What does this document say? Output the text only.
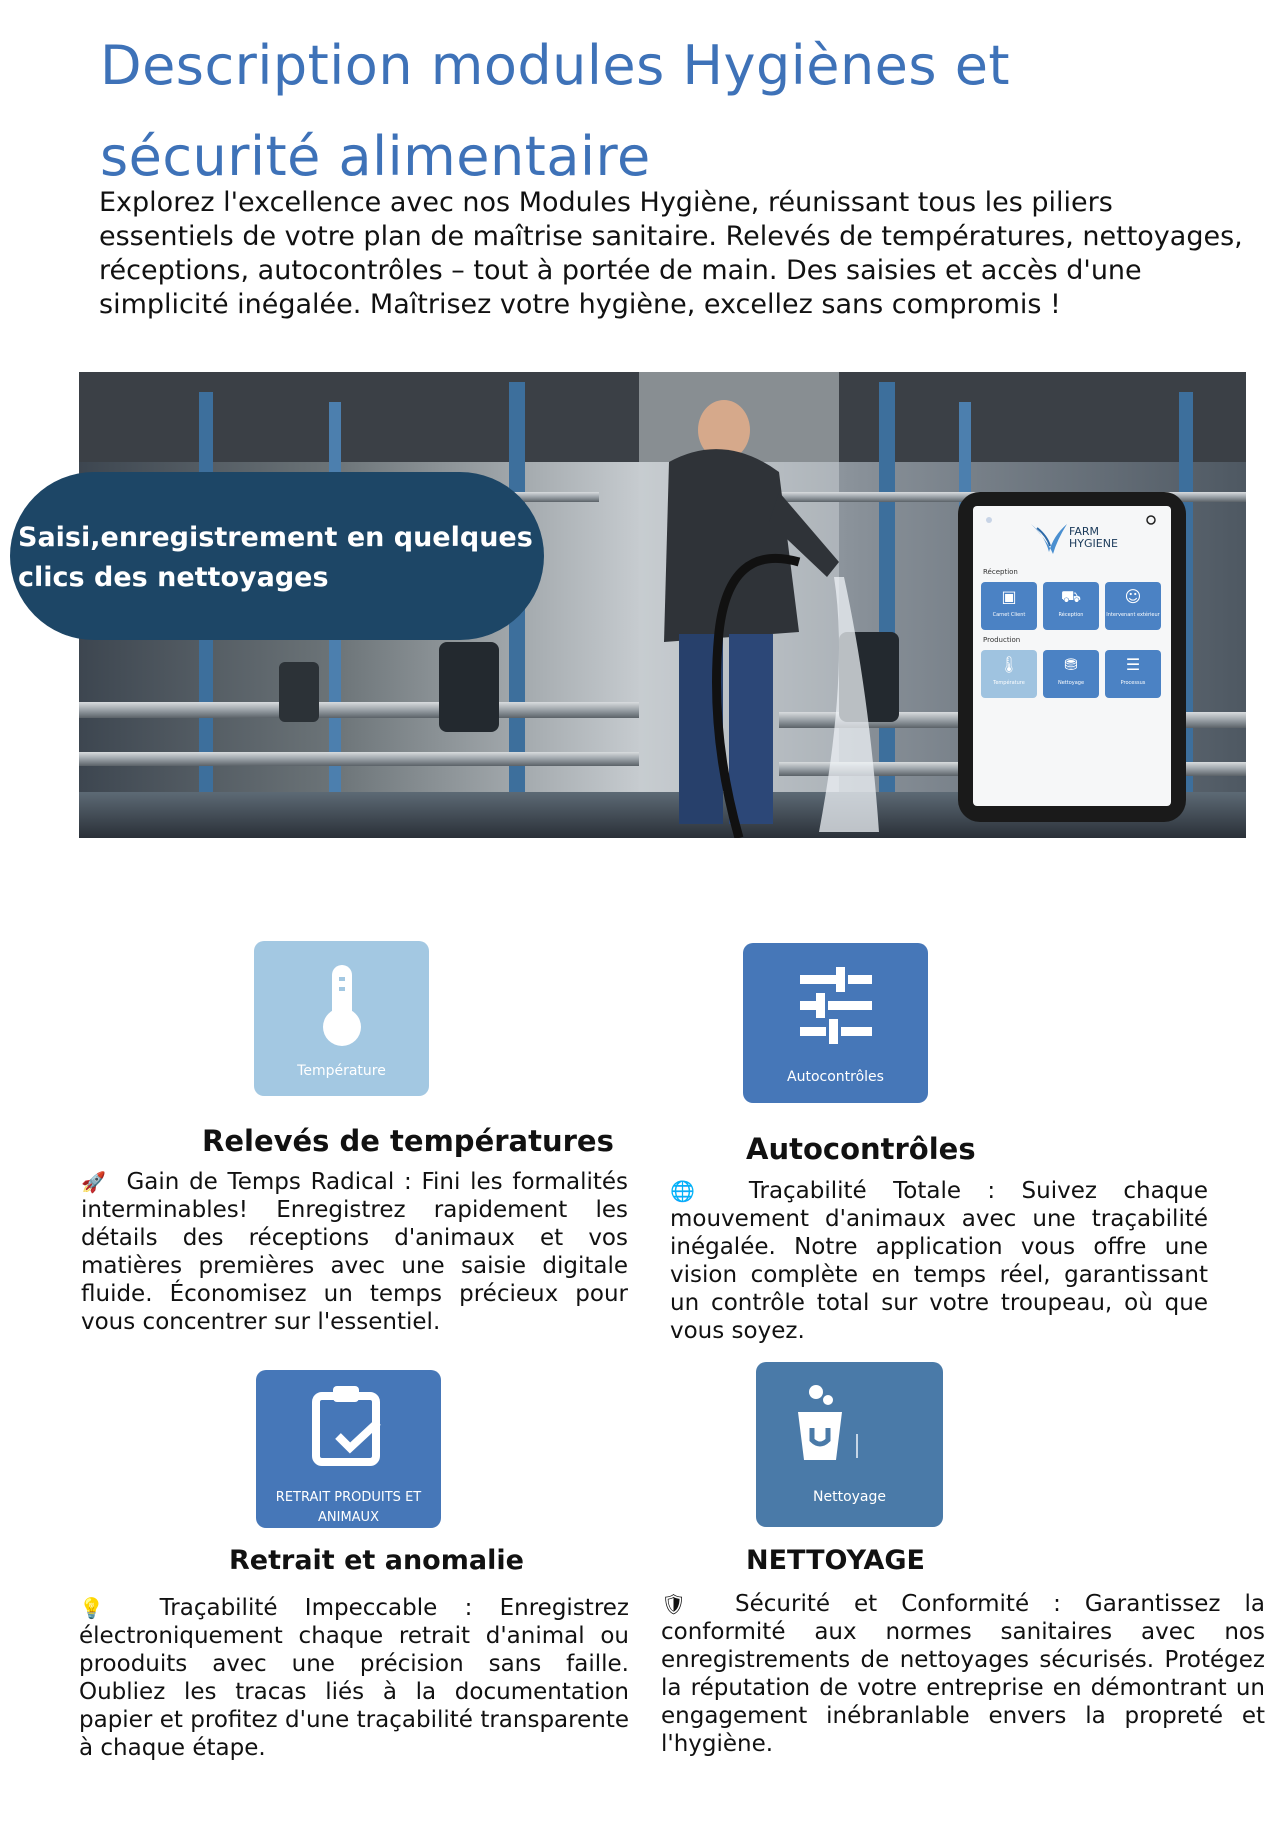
Description modules Hygiènes et sécurité alimentaire

Explorez l'excellence avec nos Modules Hygiène, réunissant tous les piliers essentiels de votre plan de maîtrise sanitaire. Relevés de températures, nettoyages, réceptions, autocontrôles – tout à portée de main. Des saisies et accès d'une simplicité inégalée. Maîtrisez votre hygiène, excellez sans compromis !

Saisi,enregistrement en quelques clics des nettoyages
FARM
HYGIENE
Réception
▣
Carnet Client
⛟
Réception
☺
Intervenant extérieur
Production
🌡
Température
⛃
Nettoyage
☰
Processus
Température
Relevés de températures

🚀 Gain de Temps Radical : Fini les formalités interminables! Enregistrez rapidement les détails des réceptions d'animaux et vos matières premières avec une saisie digitale fluide. Économisez un temps précieux pour vous concentrer sur l'essentiel.

Autocontrôles
Autocontrôles

🌐 Traçabilité Totale : Suivez chaque mouvement d'animaux avec une traçabilité inégalée. Notre application vous offre une vision complète en temps réel, garantissant un contrôle total sur votre troupeau, où que vous soyez.

RETRAIT PRODUITS ET ANIMAUX
Retrait et anomalie

💡 Traçabilité Impeccable : Enregistrez électroniquement chaque retrait d'animal ou prooduits avec une précision sans faille. Oubliez les tracas liés à la documentation papier et profitez d'une traçabilité transparente à chaque étape.

Nettoyage
NETTOYAGE

🛡 Sécurité et Conformité : Garantissez la conformité aux normes sanitaires avec nos enregistrements de nettoyages sécurisés. Protégez la réputation de votre entreprise en démontrant un engagement inébranlable envers la propreté et l'hygiène.
